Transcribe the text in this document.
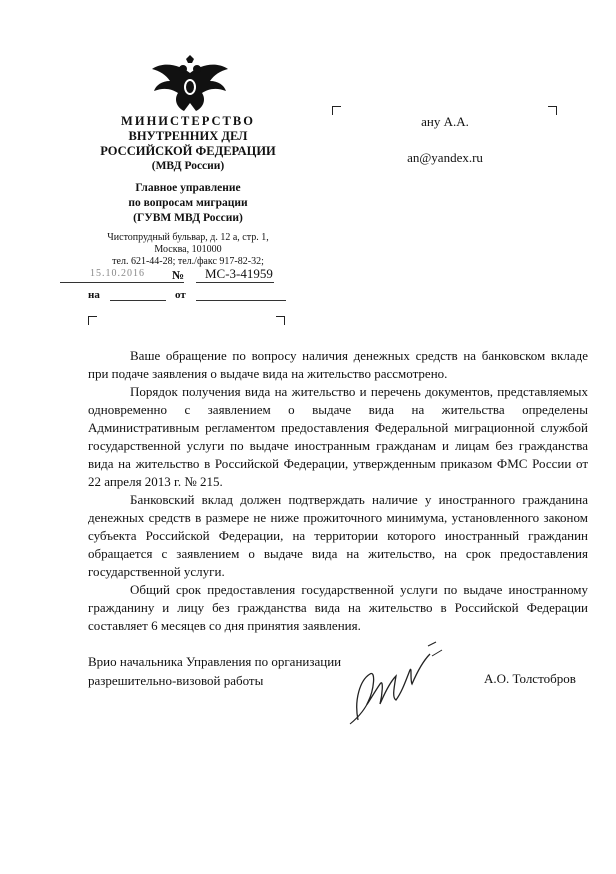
МИНИСТЕРСТВО
ВНУТРЕННИХ ДЕЛ
РОССИЙСКОЙ ФЕДЕРАЦИИ
(МВД России)
Главное управление
по вопросам миграции
(ГУВМ МВД России)
Чистопрудный бульвар, д. 12 а, стр. 1,
Москва, 101000
тел. 621-44-28; тел./факс 917-82-32;
15.10.2016 № МС-3-41959
на	от
ану А.А.
an@yandex.ru

Ваше обращение по вопросу наличия денежных средств на банковском вкладе при подаче заявления о выдаче вида на жительство рассмотрено.

Порядок получения вида на жительство и перечень документов, представляемых одновременно с заявлением о выдаче вида на жительства определены Административным регламентом предоставления Федеральной миграционной службой государственной услуги по выдаче иностранным гражданам и лицам без гражданства вида на жительство в Российской Федерации, утвержденным приказом ФМС России от 22 апреля 2013 г. № 215.

Банковский вклад должен подтверждать наличие у иностранного гражданина денежных средств в размере не ниже прожиточного минимума, установленного законом субъекта Российской Федерации, на территории которого иностранный гражданин обращается с заявлением о выдаче вида на жительство, на срок предоставления государственной услуги.

Общий срок предоставления государственной услуги по выдаче иностранному гражданину и лицу без гражданства вида на жительство в Российской Федерации составляет 6 месяцев со дня принятия заявления.

Врио начальника Управления по организации
разрешительно-визовой работы	А.О. Толстобров
